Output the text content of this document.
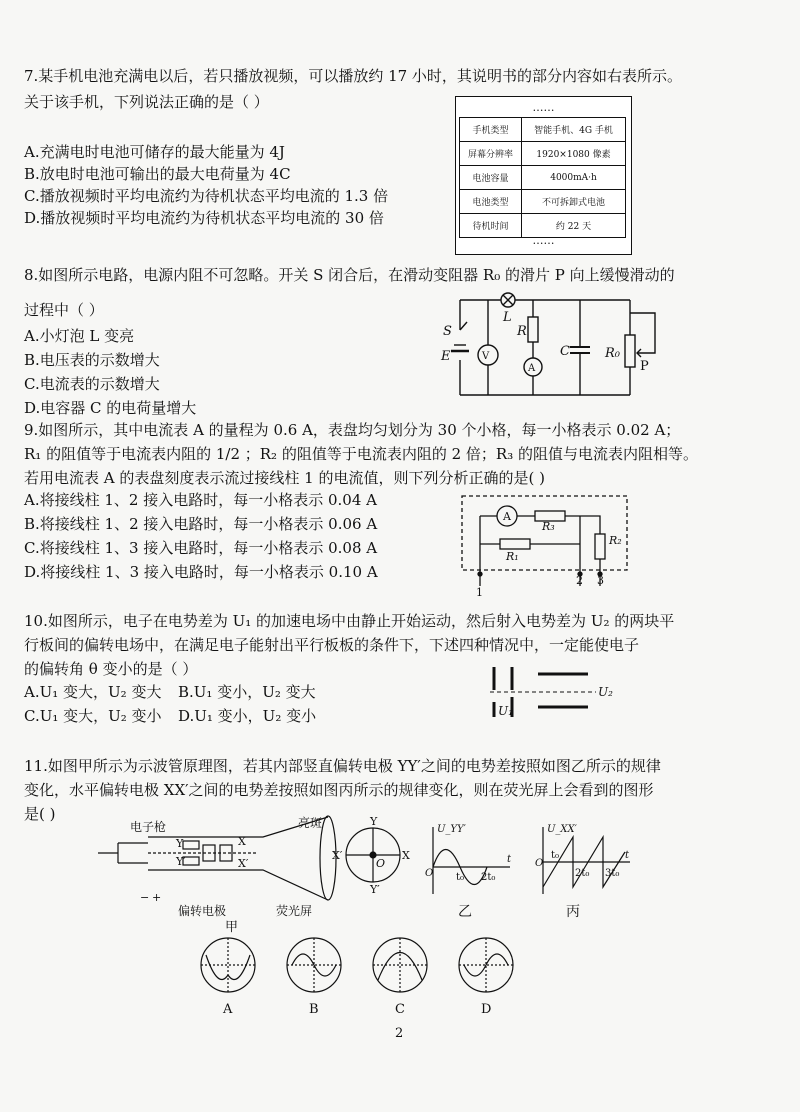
7.某手机电池充满电以后，若只播放视频，可以播放约 17 小时，其说明书的部分内容如右表所示。
关于该手机，下列说法正确的是（ ）
A.充满电时电池可储存的最大能量为 4J
B.放电时电池可输出的最大电荷量为 4C
C.播放视频时平均电流约为待机状态平均电流的 1.3 倍
D.播放视频时平均电流约为待机状态平均电流的 30 倍
……
手机类型	智能手机、4G 手机
屏幕分辨率	1920×1080 像素
电池容量	4000mA·h
电池类型	不可拆卸式电池
待机时间	约 22 天
……
8.如图所示电路，电源内阻不可忽略。开关 S 闭合后，在滑动变阻器 R₀ 的滑片 P 向上缓慢滑动的
过程中（ ）
A.小灯泡 L 变亮
B.电压表的示数增大
C.电流表的示数增大
D.电容器 C 的电荷量增大
S
E	V
L
R
A
C	R₀
P
9.如图所示，其中电流表 A 的量程为 0.6 A，表盘均匀划分为 30 个小格，每一小格表示 0.02 A；
R₁ 的阻值等于电流表内阻的 1/2 ；R₂ 的阻值等于电流表内阻的 2 倍；R₃ 的阻值与电流表内阻相等。
若用电流表 A 的表盘刻度表示流过接线柱 1 的电流值，则下列分析正确的是( )
A.将接线柱 1、2 接入电路时，每一小格表示 0.04 A
B.将接线柱 1、2 接入电路时，每一小格表示 0.06 A
C.将接线柱 1、3 接入电路时，每一小格表示 0.08 A
D.将接线柱 1、3 接入电路时，每一小格表示 0.10 A
A
R₃
R₁
R₂
1
2 3
10.如图所示，电子在电势差为 U₁ 的加速电场中由静止开始运动，然后射入电势差为 U₂ 的两块平
行板间的偏转电场中，在满足电子能射出平行板板的条件下，下述四种情况中，一定能使电子
的偏转角 θ 变小的是（ ）
A.U₁ 变大，U₂ 变大 B.U₁ 变小，U₂ 变大
C.U₁ 变大，U₂ 变小 D.U₁ 变小，U₂ 变小	U₁
U₂
11.如图甲所示为示波管原理图，若其内部竖直偏转电极 YY′之间的电势差按照如图乙所示的规律
变化，水平偏转电极 XX′之间的电势差按照如图丙所示的规律变化，则在荧光屏上会看到的图形
是( )
电子枪
偏转电极	荧光屏
亮斑
X
X′
Y
Y′
Y
Y′
X
X′
O
− +
甲
U_YY′
O
t
t₀ 2t₀
乙
U_XX′
O
t
t₀
2t₀ 3t₀
丙
A	B	C	D
2
